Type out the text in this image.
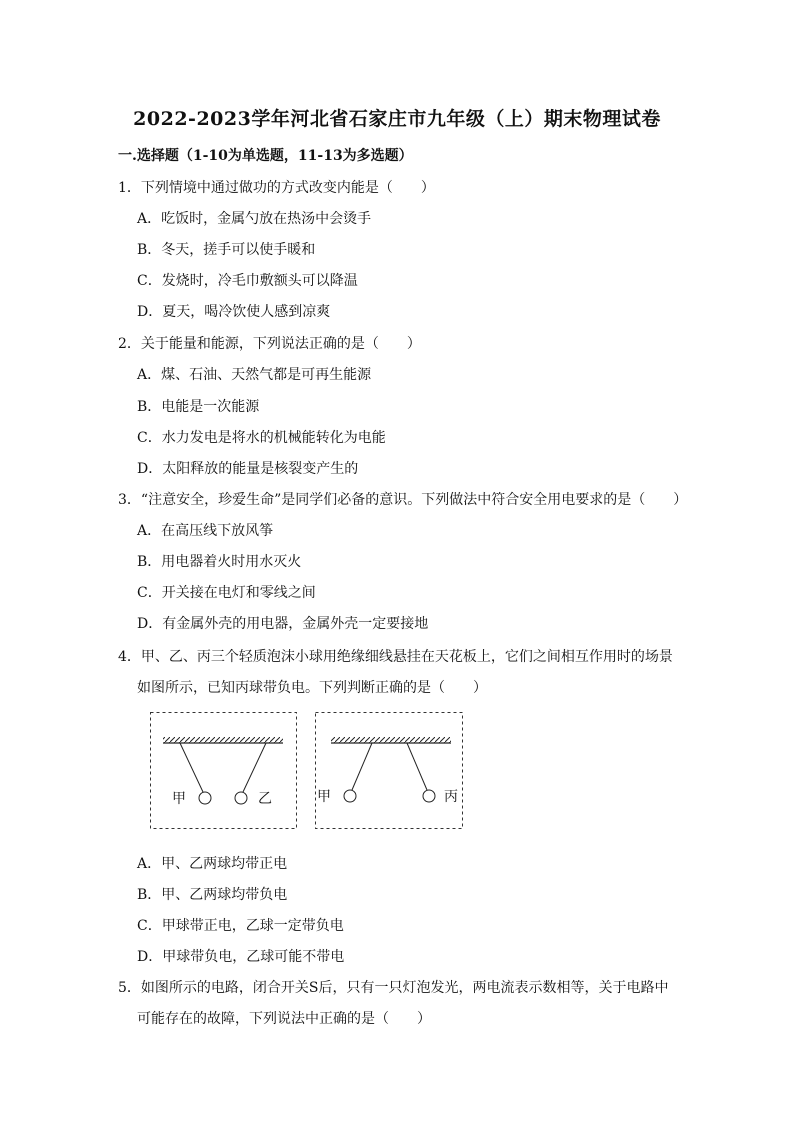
2022-2023学年河北省石家庄市九年级（上）期末物理试卷
一.选择题（1-10为单选题，11-13为多选题）
1．下列情境中通过做功的方式改变内能是（　　）
A．吃饭时，金属勺放在热汤中会烫手
B．冬天，搓手可以使手暖和
C．发烧时，冷毛巾敷额头可以降温
D．夏天，喝冷饮使人感到凉爽
2．关于能量和能源，下列说法正确的是（　　）
A．煤、石油、天然气都是可再生能源
B．电能是一次能源
C．水力发电是将水的机械能转化为电能
D．太阳释放的能量是核裂变产生的
3．“注意安全，珍爱生命”是同学们必备的意识。下列做法中符合安全用电要求的是（　　）
A．在高压线下放风筝
B．用电器着火时用水灭火
C．开关接在电灯和零线之间
D．有金属外壳的用电器，金属外壳一定要接地
4．甲、乙、丙三个轻质泡沫小球用绝缘细线悬挂在天花板上，它们之间相互作用时的场景
如图所示，已知丙球带负电。下列判断正确的是（　　）
甲	乙	甲	丙
A．甲、乙两球均带正电
B．甲、乙两球均带负电
C．甲球带正电，乙球一定带负电
D．甲球带负电，乙球可能不带电
5．如图所示的电路，闭合开关S后，只有一只灯泡发光，两电流表示数相等，关于电路中
可能存在的故障，下列说法中正确的是（　　）
